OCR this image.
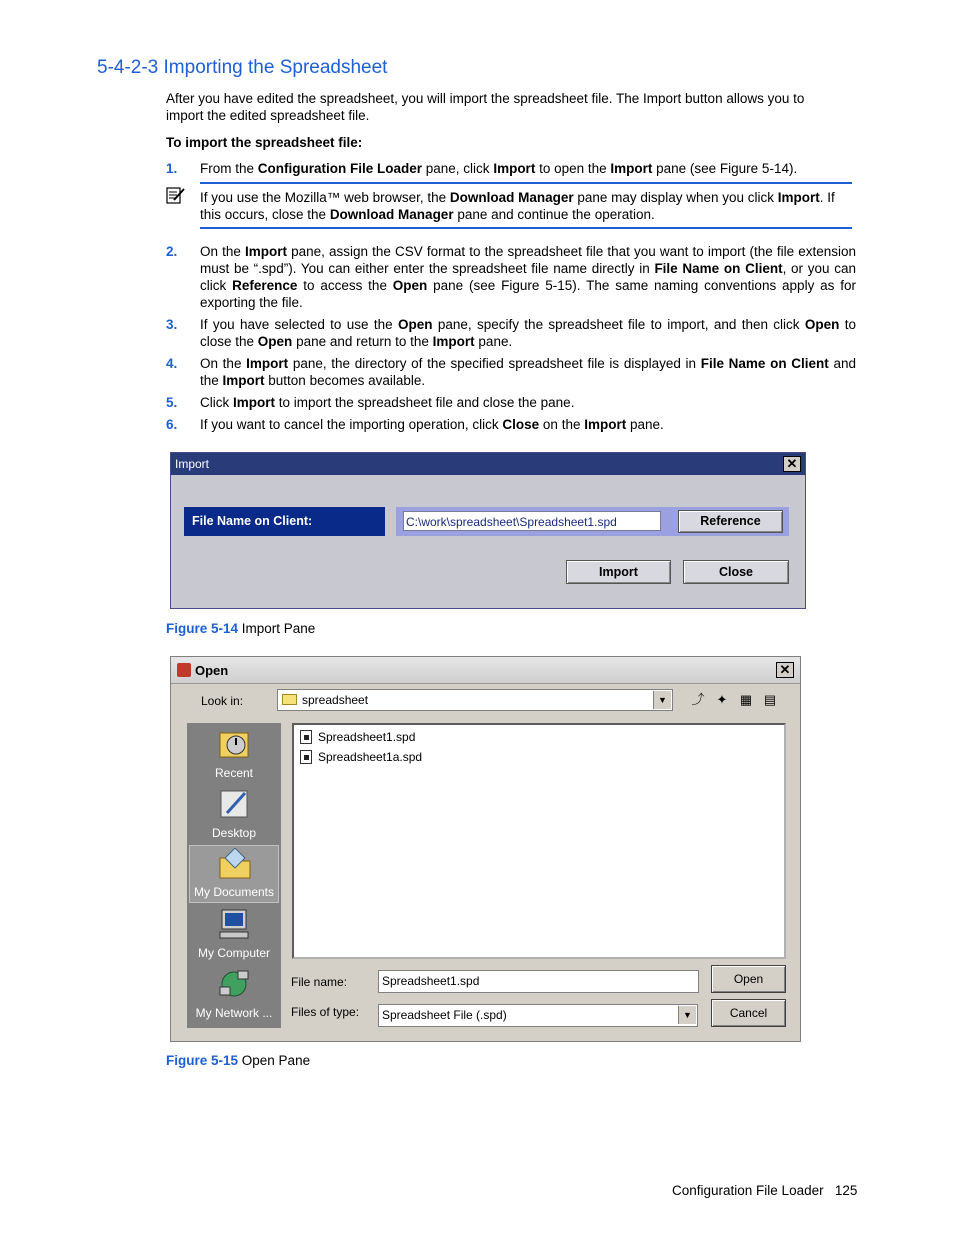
5-4-2-3 Importing the Spreadsheet
After you have edited the spreadsheet, you will import the spreadsheet file. The Import button allows you to
import the edited spreadsheet file.
To import the spreadsheet file:
1. From the Configuration File Loader pane, click Import to open the Import pane (see Figure 5-14).
If you use the Mozilla™ web browser, the Download Manager pane may display when you click Import. If this occurs, close the Download Manager pane and continue the operation.
2. On the Import pane, assign the CSV format to the spreadsheet file that you want to import (the file extension must be “.spd”). You can either enter the spreadsheet file name directly in File Name on Client, or you can click Reference to access the Open pane (see Figure 5-15). The same naming conventions apply as for exporting the file.
3. If you have selected to use the Open pane, specify the spreadsheet file to import, and then click Open to close the Open pane and return to the Import pane.
4. On the Import pane, the directory of the specified spreadsheet file is displayed in File Name on Client and the Import button becomes available.
5. Click Import to import the spreadsheet file and close the pane.
6. If you want to cancel the importing operation, click Close on the Import pane.
Import	✕
File Name on Client:	C:\work\spreadsheet\Spreadsheet1.spd	Reference
Import	Close
Figure 5-14 Import Pane
Open	✕
Look in:	spreadsheet	▼	⤴ ✦ ▦ ▤
Recent
Desktop
My Documents
My Computer
My Network ...
Spreadsheet1.spd
Spreadsheet1a.spd
File name:	Spreadsheet1.spd	Open
Files of type:	Spreadsheet File (.spd)	▼	Cancel
Figure 5-15 Open Pane
Configuration File Loader 125
